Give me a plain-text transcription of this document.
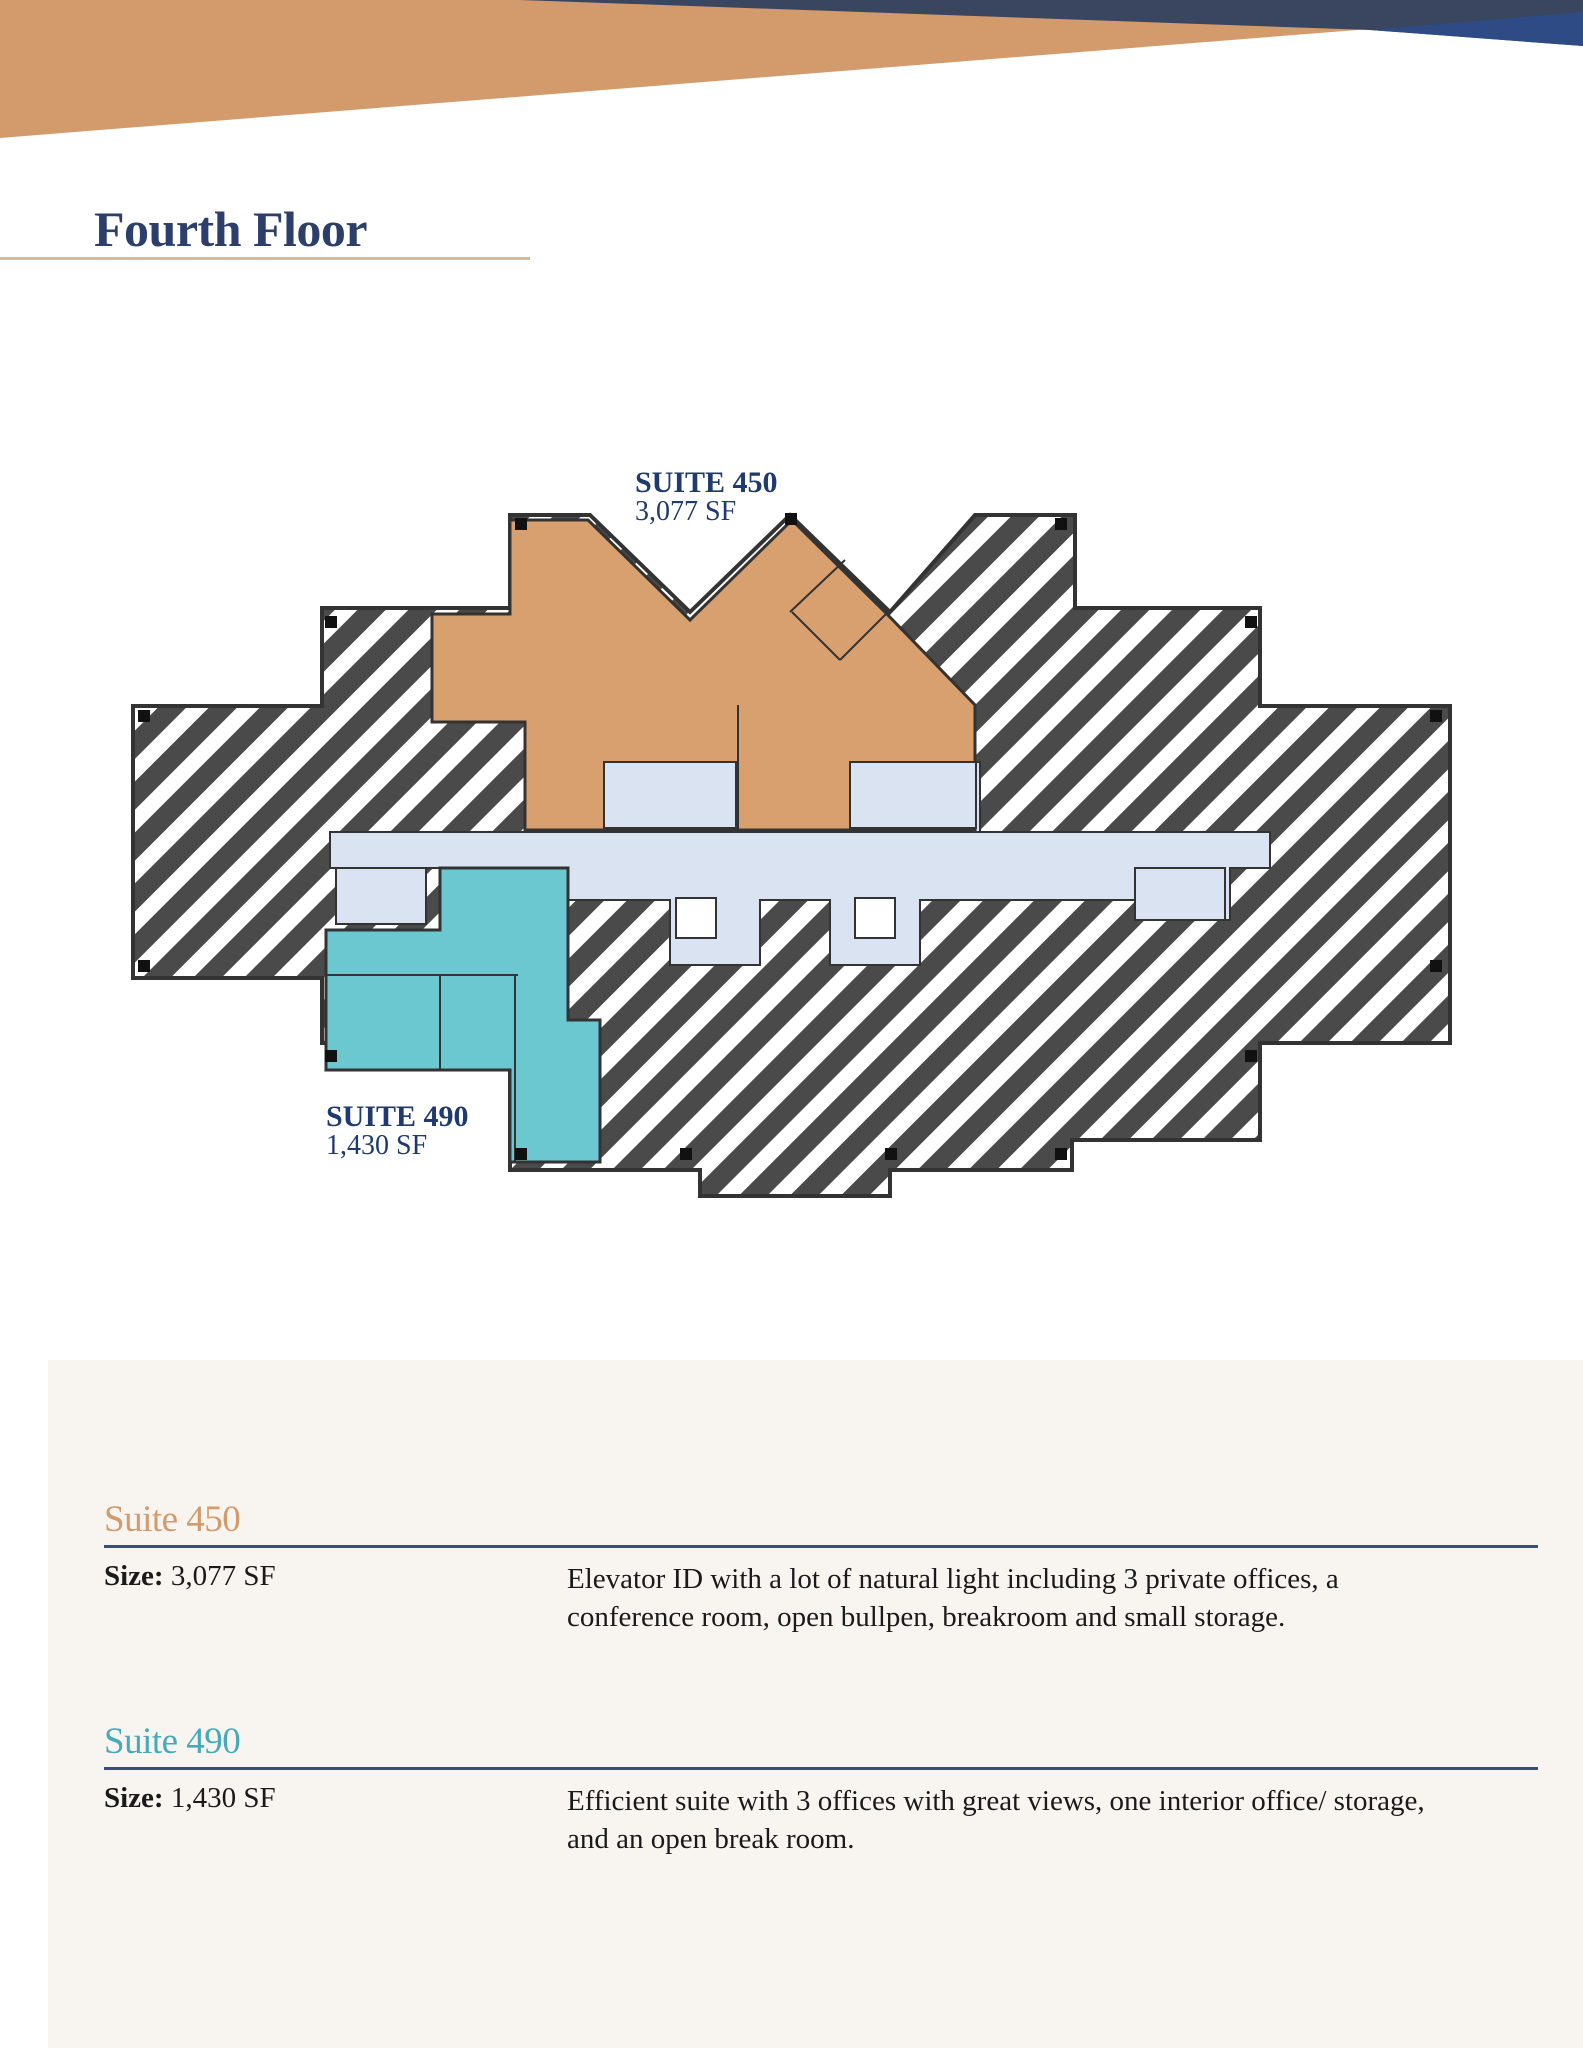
Fourth Floor
SUITE 450
3,077 SF
SUITE 490
1,430 SF
Suite 450
Size: 3,077 SF	Elevator ID with a lot of natural light including 3 private offices, a conference room, open bullpen, breakroom and small storage.
Suite 490
Size: 1,430 SF	Efficient suite with 3 offices with great views, one interior office/ storage, and an open break room.
